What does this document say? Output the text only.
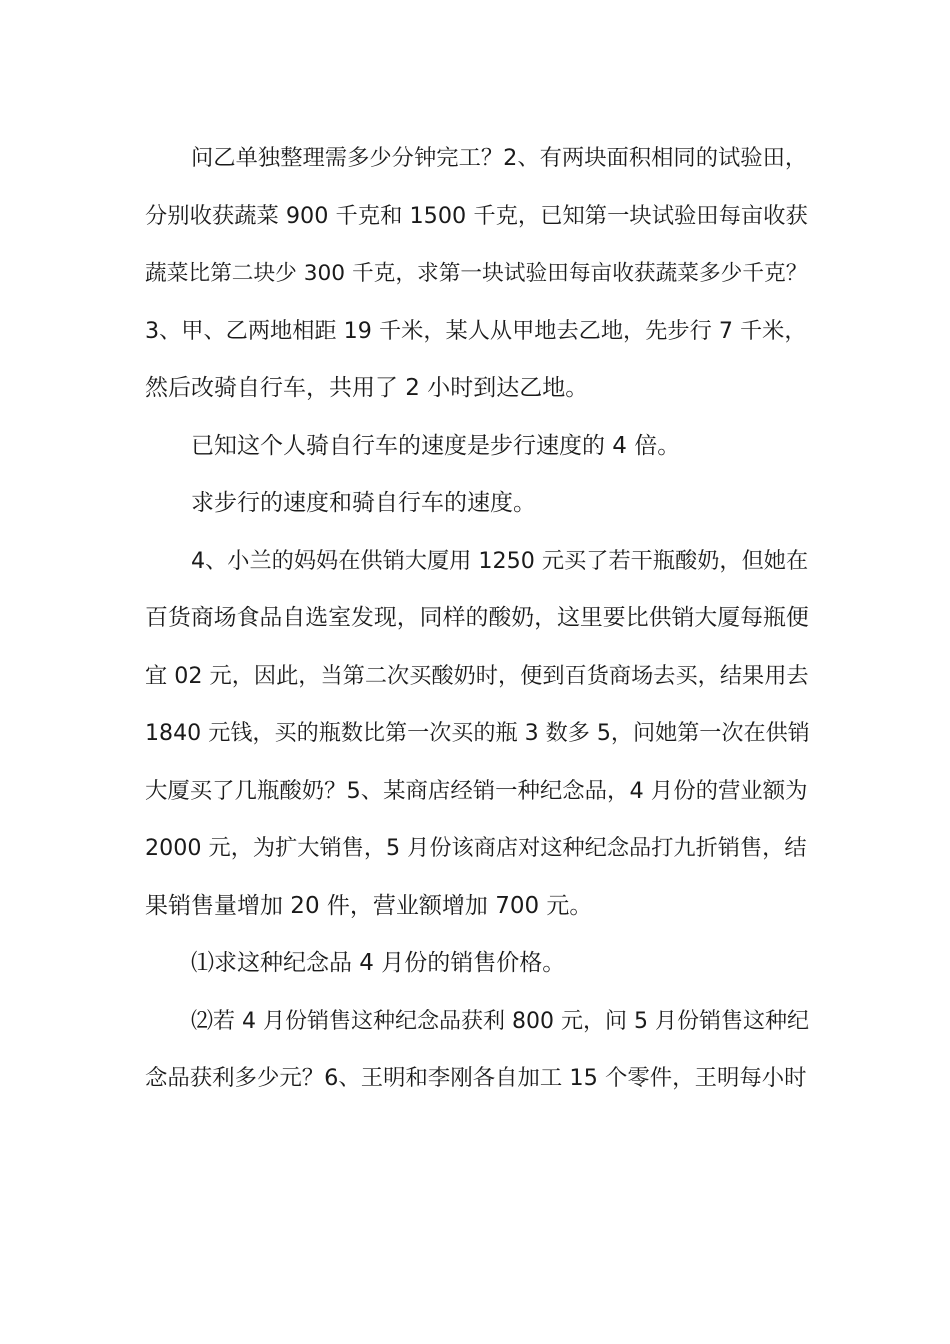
问乙单独整理需多少分钟完工？2、有两块面积相同的试验田，
分别收获蔬菜 900 千克和 1500 千克，已知第一块试验田每亩收获
蔬菜比第二块少 300 千克，求第一块试验田每亩收获蔬菜多少千克？
3、甲、乙两地相距 19 千米，某人从甲地去乙地，先步行 7 千米，
然后改骑自行车，共用了 2 小时到达乙地。

已知这个人骑自行车的速度是步行速度的 4 倍。

求步行的速度和骑自行车的速度。

4、小兰的妈妈在供销大厦用 1250 元买了若干瓶酸奶，但她在
百货商场食品自选室发现，同样的酸奶，这里要比供销大厦每瓶便
宜 02 元，因此，当第二次买酸奶时，便到百货商场去买，结果用去
1840 元钱，买的瓶数比第一次买的瓶 3 数多 5，问她第一次在供销
大厦买了几瓶酸奶？5、某商店经销一种纪念品，4 月份的营业额为
2000 元，为扩大销售，5 月份该商店对这种纪念品打九折销售，结
果销售量增加 20 件，营业额增加 700 元。

⑴求这种纪念品 4 月份的销售价格。

⑵若 4 月份销售这种纪念品获利 800 元，问 5 月份销售这种纪
念品获利多少元？6、王明和李刚各自加工 15 个零件，王明每小时
